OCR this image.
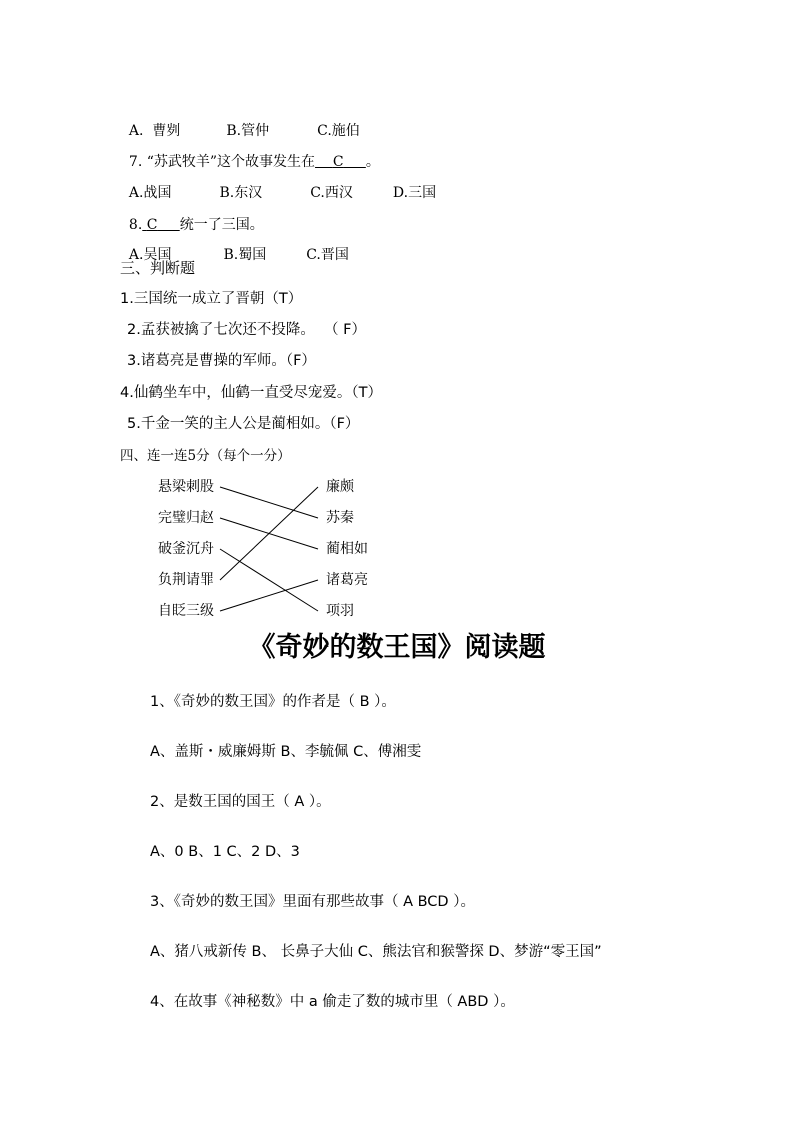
A.  曹刿	B.管仲	C.施伯

7. “苏武牧羊”这个故事发生在 C 。

A.战国	B.东汉	C.西汉	D.三国

8. C 统一了三国。

A.吴国	B.蜀国	C.晋国

三、判断题
1.三国统一成立了晋朝（T）
2.孟获被擒了七次还不投降。  （ F）
3.诸葛亮是曹操的军师。（F）
4.仙鹤坐车中，仙鹤一直受尽宠爱。（T）
5.千金一笑的主人公是蔺相如。（F）
四、连一连5分（每个一分）
悬梁刺股
完璧归赵
破釜沉舟
负荆请罪
自眨三级
廉颇
苏秦
蔺相如
诸葛亮
项羽
《奇妙的数王国》阅读题
1、《奇妙的数王国》的作者是（ B ）。
A、盖斯・威廉姆斯 B、李毓佩 C、傅湘雯
2、是数王国的国王（ A ）。
A、0 B、1 C、2 D、3
3、《奇妙的数王国》里面有那些故事（ A BCD ）。
A、猪八戒新传 B、 长鼻子大仙 C、熊法官和猴警探 D、梦游“零王国”
4、在故事《神秘数》中 a 偷走了数的城市里（ ABD ）。
